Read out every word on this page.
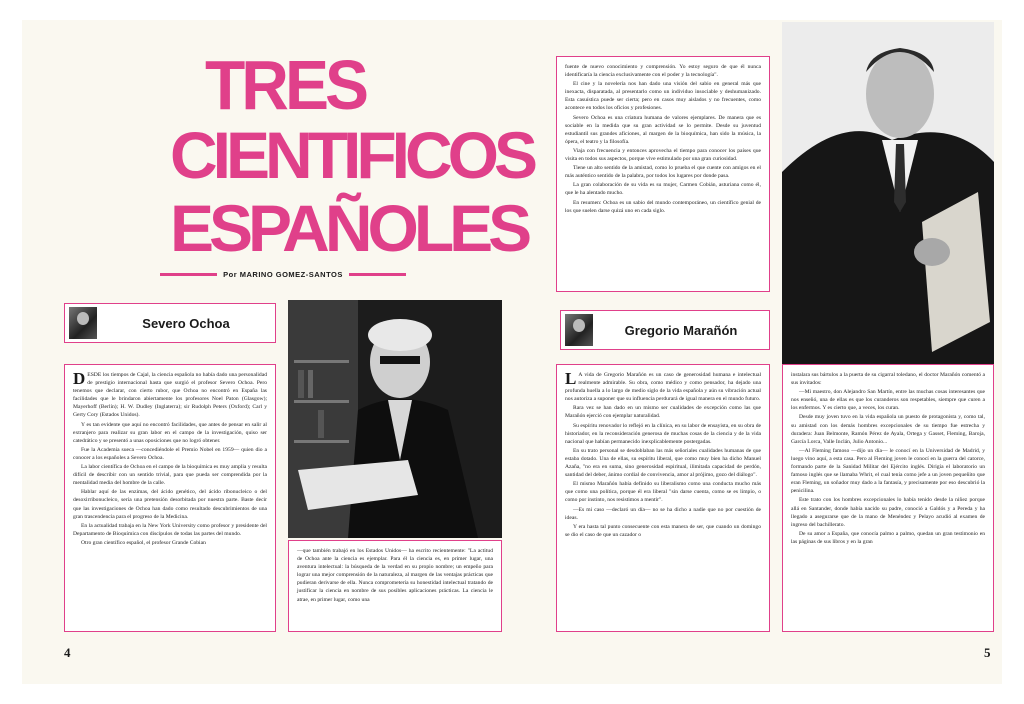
TRES
CIENTIFICOS
ESPAÑOLES
Por MARINO GOMEZ-SANTOS
Severo Ochoa

DESDE los tiempos de Cajal, la ciencia española no había dado una personalidad de prestigio internacional hasta que surgió el profesor Severo Ochoa. Pero tenemos que declarar, con cierto rubor, que Ochoa no encontró en España las facilidades que le brindaron abiertamente los profesores Noel Paton (Glasgow); Mayerhoff (Berlín); H. W. Dudley (Inglaterra); sir Rudolph Peters (Oxford); Carl y Gerty Cory (Estados Unidos).

Y es tan evidente que aquí no encontró facilidades, que antes de pensar en salir al extranjero para realizar su gran labor en el campo de la investigación, quiso ser catedrático y se presentó a unas oposiciones que no logró obtener.

Fue la Academia sueca —concediéndole el Premio Nobel en 1959— quien dio a conocer a los españoles a Severo Ochoa.

La labor científica de Ochoa en el campo de la bioquímica es muy amplia y resulta difícil de describir con un sentido trivial, para que pueda ser comprendida por la mentalidad media del hombre de la calle.

Hablar aquí de las enzimas, del ácido genético, del ácido ribonucleico o del desoxirribonucleico, sería una pretensión desorbitada por nuestra parte. Baste decir que las investigaciones de Ochoa han dado como resultado descubrimientos de una gran trascendencia para el progreso de la Medicina.

En la actualidad trabaja en la New York University como profesor y presidente del Departamento de Bioquímica con discípulos de todas las partes del mundo.

Otro gran científico español, el profesor Grande Cobian

—que también trabajó en los Estados Unidos— ha escrito recientemente: "La actitud de Ochoa ante la ciencia es ejemplar. Para él la ciencia es, en primer lugar, una aventura intelectual: la búsqueda de la verdad en su propio nombre; un empeño para lograr una mejor comprensión de la naturaleza, al margen de las ventajas prácticas que pudieran derivarse de ella. Nunca comprometería su honestidad intelectual tratando de justificar la ciencia en nombre de sus posibles aplicaciones prácticas. La ciencia le atrae, en primer lugar, como una

fuente de nuevo conocimiento y comprensión. Yo estoy seguro de que él nunca identificaría la ciencia exclusivamente con el poder y la tecnología".

El cine y la novelería nos han dado una visión del sabio en general más que inexacta, disparatada, al presentarlo como un individuo insociable y deshumanizado. Esta casuística puede ser cierta; pero en casos muy aislados y no frecuentes, como acontece en todos los oficios y profesiones.

Severo Ochoa es una criatura humana de valores ejemplares. De manera que es sociable en la medida que su gran actividad se lo permite. Desde su juventud estudiantil sus grandes aficiones, al margen de la bioquímica, han sido la música, la ópera, el teatro y la filosofía.

Viaja con frecuencia y entonces aprovecha el tiempo para conocer los países que visita en todos sus aspectos, porque vive estimulado por una gran curiosidad.

Tiene un alto sentido de la amistad, como lo prueba el que cuente con amigos en el más auténtico sentido de la palabra, por todos los lugares por donde pasa.

La gran colaboración de su vida es su mujer, Carmen Cobián, asturiana como él, que le ha alentado mucho.

En resumen: Ochoa es un sabio del mundo contemporáneo, un científico genial de los que suelen darse quizá uno en cada siglo.

Gregorio Marañón

L A vida de Gregorio Marañón es un caso de generosidad humana e intelectual realmente admirable. Su obra, como médico y como pensador, ha dejado una profunda huella a lo largo de medio siglo de la vida española y aún su vibración actual nos autoriza a suponer que su influencia perdurará de igual manera en el mundo futuro.

Rara vez se han dado en un mismo ser cualidades de excepción como las que Marañón ejerció con ejemplar naturalidad.

Su espíritu renovador lo reflejó en la clínica, en su labor de ensayista, en su obra de historiador, en la reconsideración generosa de muchas cosas de la ciencia y de la vida nacional que habían permanecido inexplicablemente postergadas.

En su trato personal se desdoblaban las más señoriales cualidades humanas de que estaba dotado. Una de ellas, su espíritu liberal, que como muy bien ha dicho Manuel Azaña, "no era en suma, sino generosidad espiritual, ilimitada capacidad de perdón, santidad del deber, ánimo cordial de convivencia, amor al prójimo, gozo del diálogo".

El mismo Marañón había definido su liberalismo como una conducta mucho más que como una política, porque él era liberal "sin darse cuenta, como se es limpio, o como por instinto, nos resistimos a mentir".

—Es mi caso —declaró un día— no se ha dicho a nadie que no por cuestión de ideas.

Y era hasta tal punto consecuente con esta manera de ser, que cuando un domingo se dio el caso de que un cazador o

instalara sus bártulos a la puerta de su cigarral toledano, el doctor Marañón comentó a sus invitados:

—Mi maestro, don Alejandro San Martín, entre las muchas cosas interesantes que nos enseñó, una de ellas es que los curanderos son respetables, siempre que curen a los enfermos. Y es cierto que, a veces, los curan.

Desde muy joven tuvo en la vida española un puesto de protagonista y, como tal, su amistad con los demás hombres excepcionales de su tiempo fue estrecha y duradera: Juan Belmonte, Ramón Pérez de Ayala, Ortega y Gasset, Fleming, Baroja, García Lorca, Valle Inclán, Julio Antonio...

—Al Fleming famoso —dijo un día— le conocí en la Universidad de Madrid, y luego vino aquí, a esta casa. Pero al Fleming joven le conocí en la guerra del catorce, formando parte de la Sanidad Militar del Ejército inglés. Dirigía el laboratorio un famoso inglés que se llamaba Whrit, el cual tenía como jefe a un joven pequeñito que eran Fleming, un soñador muy dado a la fantasía, y precisamente por eso descubrió la penicilina.

Este trato con los hombres excepcionales lo había tenido desde la niñez porque allá en Santander, donde había nacido su padre, conoció a Galdós y a Pereda y ha llegado a asegurarse que de la mano de Menéndez y Pelayo acudió al examen de ingreso del bachillerato.

De su amor a España, que conocía palmo a palmo, quedan un gran testimonio en las páginas de sus libros y en la gran

4	5
